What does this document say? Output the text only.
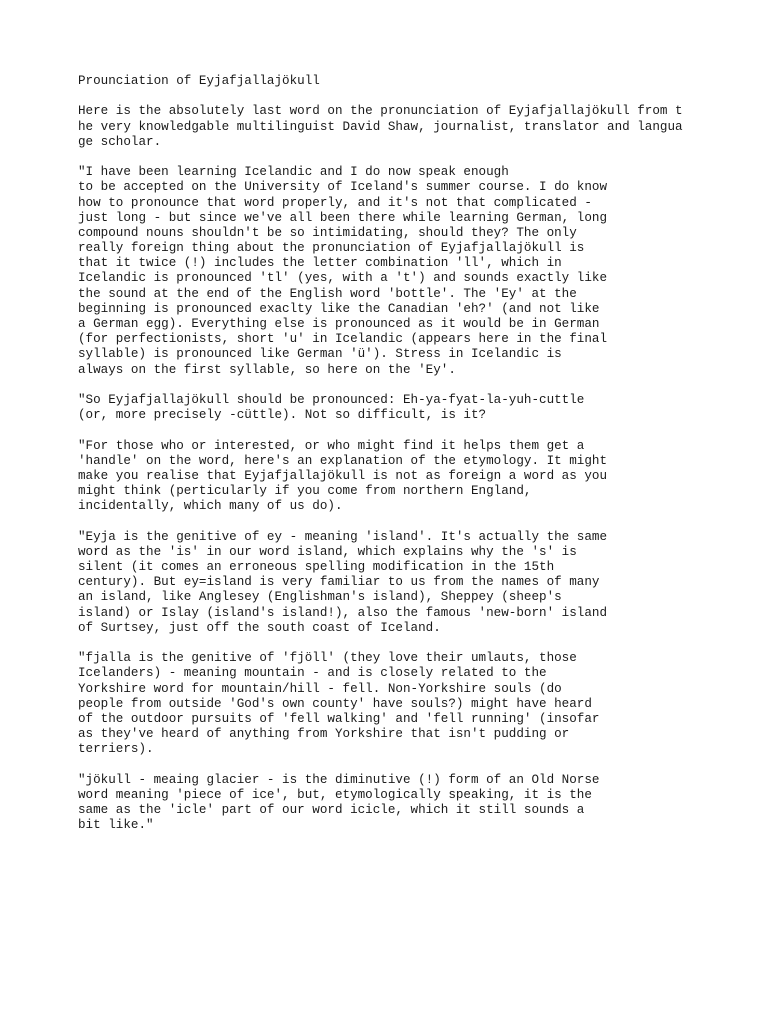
Prounciation of Eyjafjallajökull
Here is the absolutely last word on the pronunciation of Eyjafjallajökull from t
he very knowledgable multilinguist David Shaw, journalist, translator and langua
ge scholar.
"I have been learning Icelandic and I do now speak enough
to be accepted on the University of Iceland's summer course. I do know
how to pronounce that word properly, and it's not that complicated -
just long - but since we've all been there while learning German, long
compound nouns shouldn't be so intimidating, should they? The only
really foreign thing about the pronunciation of Eyjafjallajökull is
that it twice (!) includes the letter combination 'll', which in
Icelandic is pronounced 'tl' (yes, with a 't') and sounds exactly like
the sound at the end of the English word 'bottle'. The 'Ey' at the
beginning is pronounced exaclty like the Canadian 'eh?' (and not like
a German egg). Everything else is pronounced as it would be in German
(for perfectionists, short 'u' in Icelandic (appears here in the final
syllable) is pronounced like German 'ü'). Stress in Icelandic is
always on the first syllable, so here on the 'Ey'.
"So Eyjafjallajökull should be pronounced: Eh-ya-fyat-la-yuh-cuttle
(or, more precisely -cüttle). Not so difficult, is it?
"For those who or interested, or who might find it helps them get a
'handle' on the word, here's an explanation of the etymology. It might
make you realise that Eyjafjallajökull is not as foreign a word as you
might think (perticularly if you come from northern England,
incidentally, which many of us do).
"Eyja is the genitive of ey - meaning 'island'. It's actually the same
word as the 'is' in our word island, which explains why the 's' is
silent (it comes an erroneous spelling modification in the 15th
century). But ey=island is very familiar to us from the names of many
an island, like Anglesey (Englishman's island), Sheppey (sheep's
island) or Islay (island's island!), also the famous 'new-born' island
of Surtsey, just off the south coast of Iceland.
"fjalla is the genitive of 'fjöll' (they love their umlauts, those
Icelanders) - meaning mountain - and is closely related to the
Yorkshire word for mountain/hill - fell. Non-Yorkshire souls (do
people from outside 'God's own county' have souls?) might have heard
of the outdoor pursuits of 'fell walking' and 'fell running' (insofar
as they've heard of anything from Yorkshire that isn't pudding or
terriers).
"jökull - meaing glacier - is the diminutive (!) form of an Old Norse
word meaning 'piece of ice', but, etymologically speaking, it is the
same as the 'icle' part of our word icicle, which it still sounds a
bit like."
